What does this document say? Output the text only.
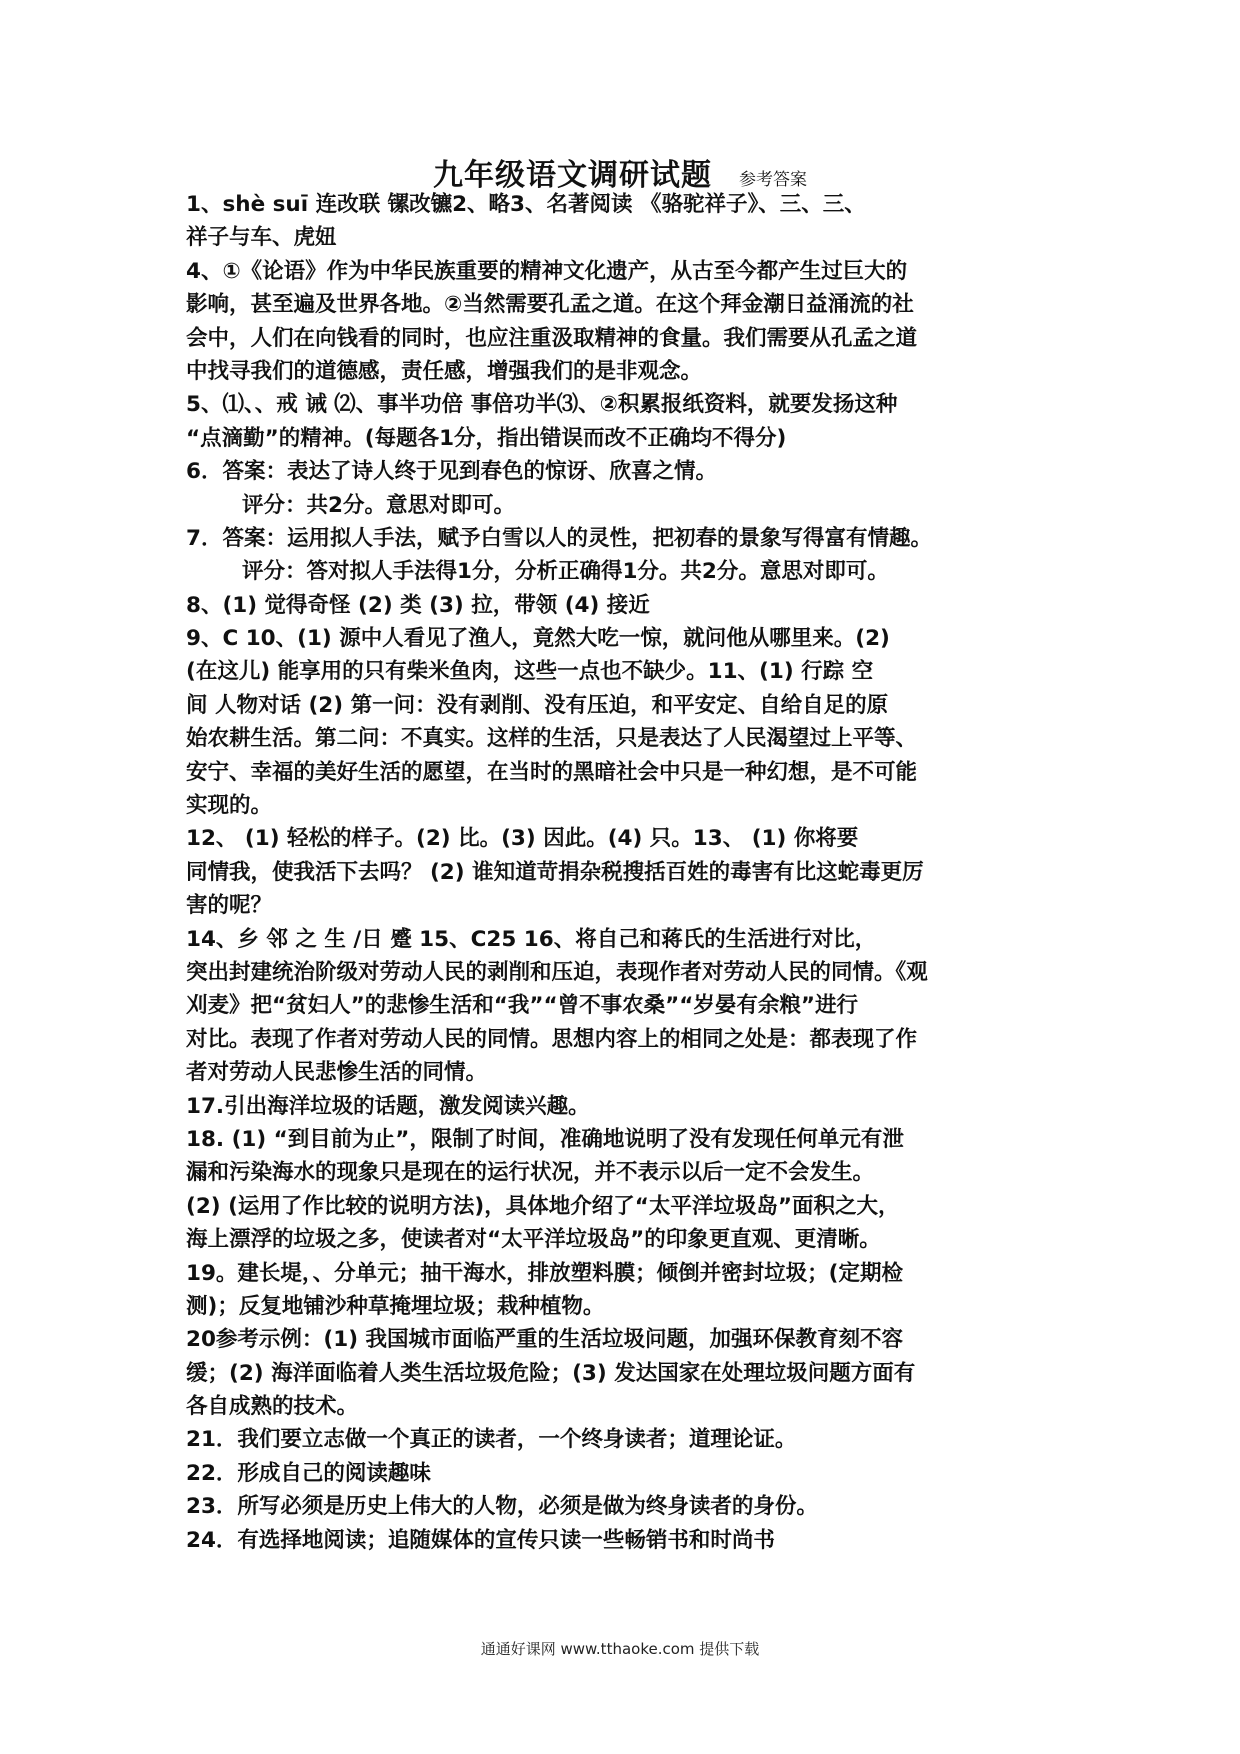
九年级语文调研试题 参考答案
1、shè suī 连改联 镙改镳2、略3、名著阅读 《骆驼祥子》、三、三、
祥子与车、虎妞
4、①《论语》作为中华民族重要的精神文化遗产，从古至今都产生过巨大的
影响，甚至遍及世界各地。②当然需要孔孟之道。在这个拜金潮日益涌流的社
会中，人们在向钱看的同时，也应注重汲取精神的食量。我们需要从孔孟之道
中找寻我们的道德感，责任感，增强我们的是非观念。
5、⑴、、戒 诫 ⑵、事半功倍 事倍功半⑶、②积累报纸资料，就要发扬这种
“点滴勤”的精神。(每题各1分，指出错误而改不正确均不得分)
6．答案：表达了诗人终于见到春色的惊讶、欣喜之情。
评分：共2分。意思对即可。
7．答案：运用拟人手法，赋予白雪以人的灵性，把初春的景象写得富有情趣。
评分：答对拟人手法得1分，分析正确得1分。共2分。意思对即可。
8、(1) 觉得奇怪 (2) 类 (3) 拉，带领 (4) 接近
9、C 10、(1) 源中人看见了渔人，竟然大吃一惊，就问他从哪里来。(2)
(在这儿) 能享用的只有柴米鱼肉，这些一点也不缺少。11、(1) 行踪 空
间 人物对话 (2) 第一问：没有剥削、没有压迫，和平安定、自给自足的原
始农耕生活。第二问：不真实。这样的生活，只是表达了人民渴望过上平等、
安宁、幸福的美好生活的愿望，在当时的黑暗社会中只是一种幻想，是不可能
实现的。
12、 (1) 轻松的样子。(2) 比。(3) 因此。(4) 只。13、 (1) 你将要
同情我，使我活下去吗？ (2) 谁知道苛捐杂税搜括百姓的毒害有比这蛇毒更厉
害的呢？
14、乡 邻 之 生 /日 蹙 15、C25 16、将自己和蒋氏的生活进行对比，
突出封建统治阶级对劳动人民的剥削和压迫，表现作者对劳动人民的同情。《观
刈麦》把“贫妇人”的悲惨生活和“我”“曾不事农桑”“岁晏有余粮”进行
对比。表现了作者对劳动人民的同情。思想内容上的相同之处是：都表现了作
者对劳动人民悲惨生活的同情。
17.引出海洋垃圾的话题，激发阅读兴趣。
18. (1) “到目前为止”，限制了时间，准确地说明了没有发现任何单元有泄
漏和污染海水的现象只是现在的运行状况，并不表示以后一定不会发生。
(2) (运用了作比较的说明方法)，具体地介绍了“太平洋垃圾岛”面积之大，
海上漂浮的垃圾之多，使读者对“太平洋垃圾岛”的印象更直观、更清晰。
19。建长堤，、分单元；抽干海水，排放塑料膜；倾倒并密封垃圾；(定期检
测)；反复地铺沙种草掩埋垃圾；栽种植物。
20参考示例：(1) 我国城市面临严重的生活垃圾问题，加强环保教育刻不容
缓；(2) 海洋面临着人类生活垃圾危险；(3) 发达国家在处理垃圾问题方面有
各自成熟的技术。
21．我们要立志做一个真正的读者，一个终身读者；道理论证。
22．形成自己的阅读趣味
23．所写必须是历史上伟大的人物，必须是做为终身读者的身份。
24．有选择地阅读；追随媒体的宣传只读一些畅销书和时尚书
通通好课网 www.tthaoke.com 提供下载
